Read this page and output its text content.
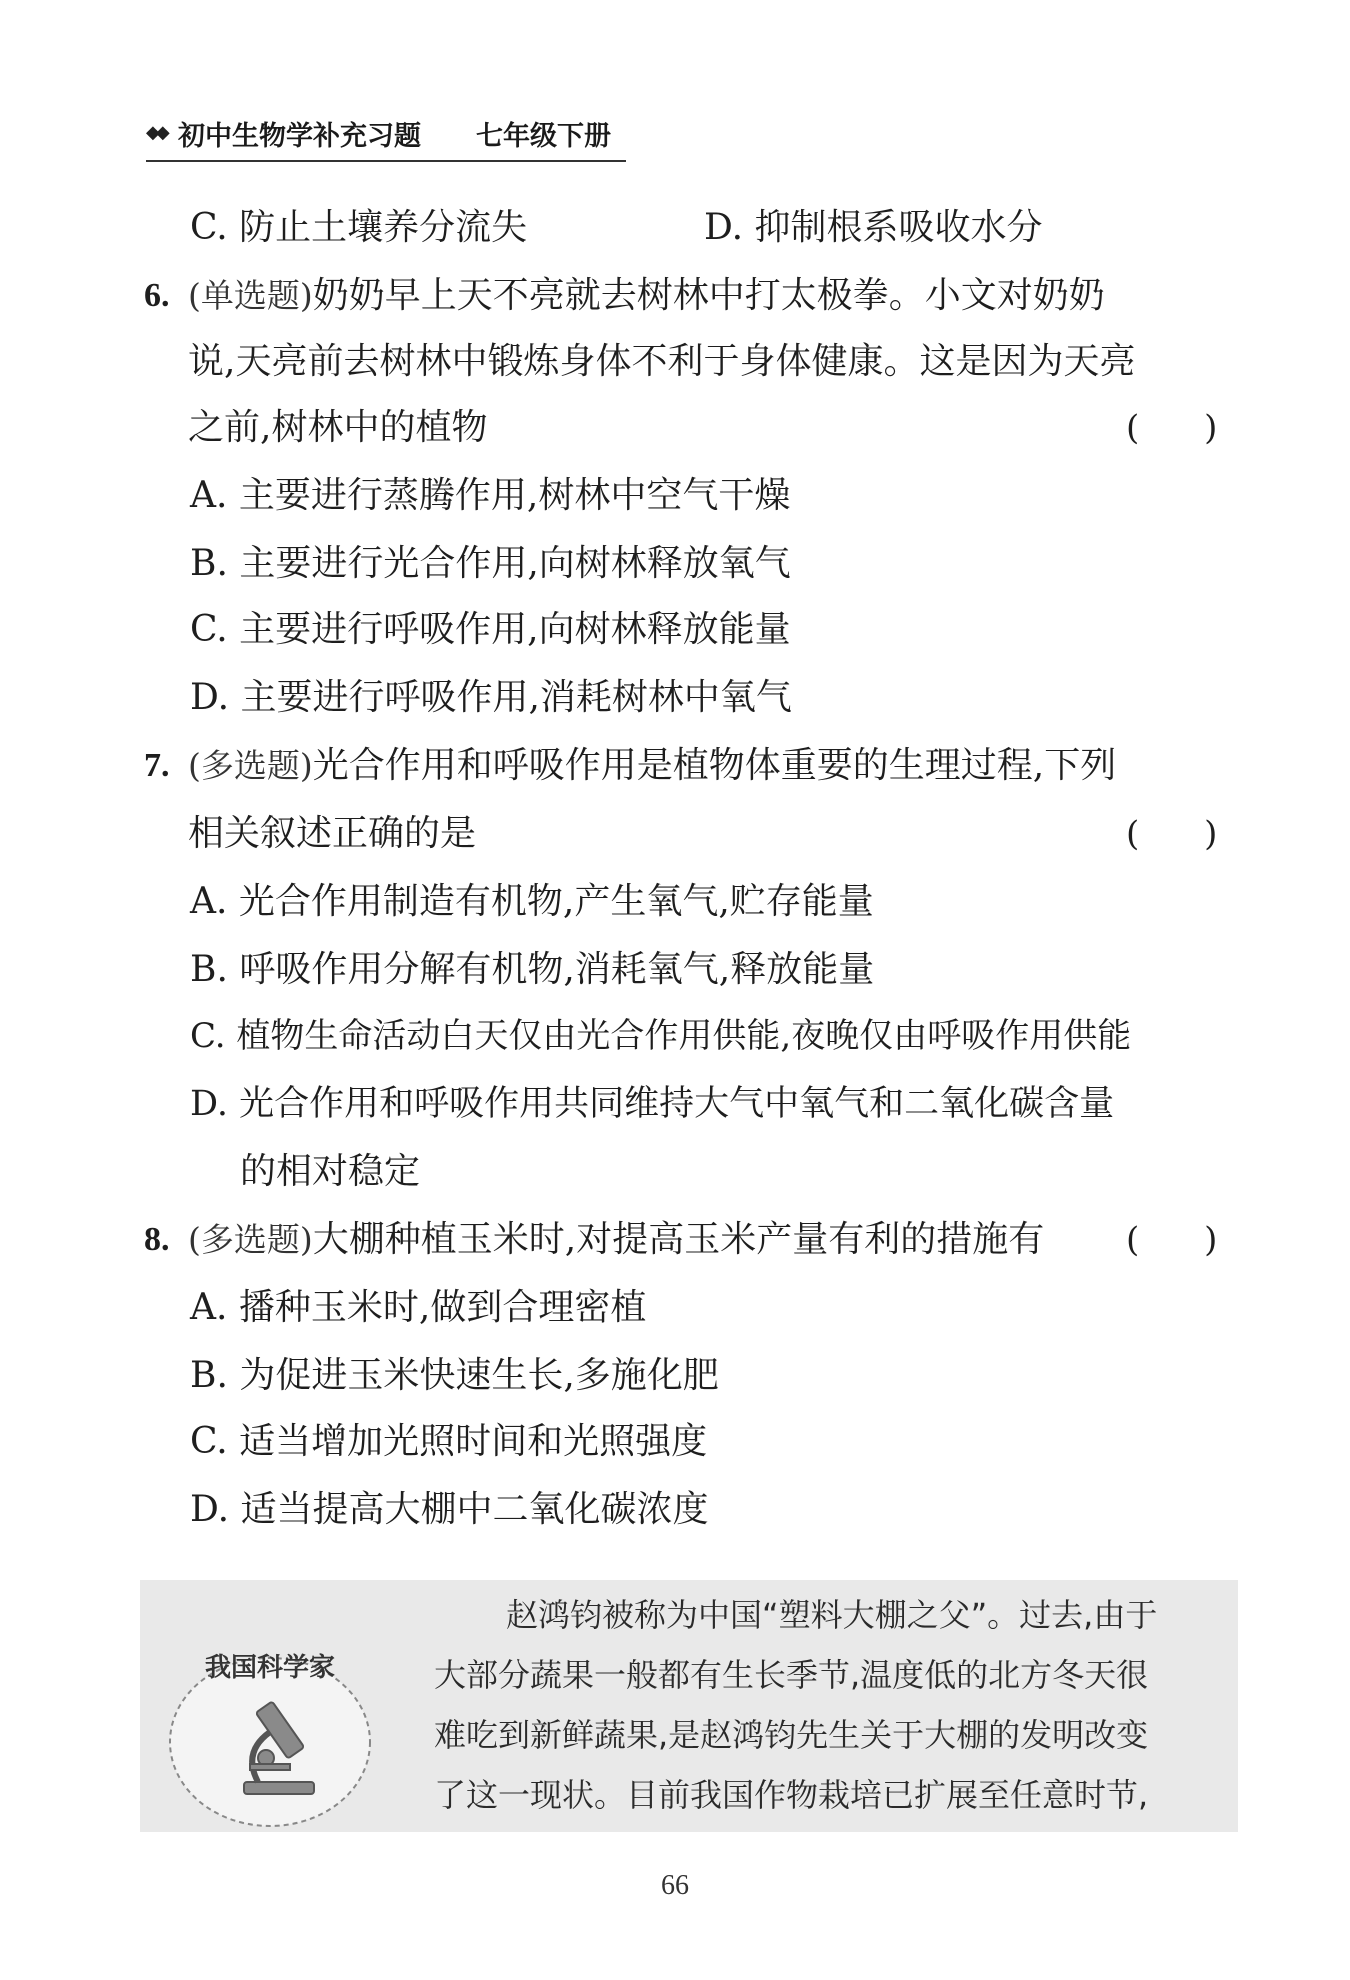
◆◆ 初中生物学补充习题 七年级下册
C. 防止土壤养分流失	D. 抑制根系吸收水分
6. (单选题)奶奶早上天不亮就去树林中打太极拳。小文对奶奶
说,天亮前去树林中锻炼身体不利于身体健康。这是因为天亮
之前,树林中的植物	(      )
A. 主要进行蒸腾作用,树林中空气干燥
B. 主要进行光合作用,向树林释放氧气
C. 主要进行呼吸作用,向树林释放能量
D. 主要进行呼吸作用,消耗树林中氧气
7. (多选题)光合作用和呼吸作用是植物体重要的生理过程,下列
相关叙述正确的是	(      )
A. 光合作用制造有机物,产生氧气,贮存能量
B. 呼吸作用分解有机物,消耗氧气,释放能量
C. 植物生命活动白天仅由光合作用供能,夜晚仅由呼吸作用供能
D. 光合作用和呼吸作用共同维持大气中氧气和二氧化碳含量
的相对稳定
8. (多选题)大棚种植玉米时,对提高玉米产量有利的措施有 (      )
A. 播种玉米时,做到合理密植
B. 为促进玉米快速生长,多施化肥
C. 适当增加光照时间和光照强度
D. 适当提高大棚中二氧化碳浓度
我国科学家
赵鸿钧被称为中国“塑料大棚之父”。过去,由于
大部分蔬果一般都有生长季节,温度低的北方冬天很
难吃到新鲜蔬果,是赵鸿钧先生关于大棚的发明改变
了这一现状。目前我国作物栽培已扩展至任意时节,
66
